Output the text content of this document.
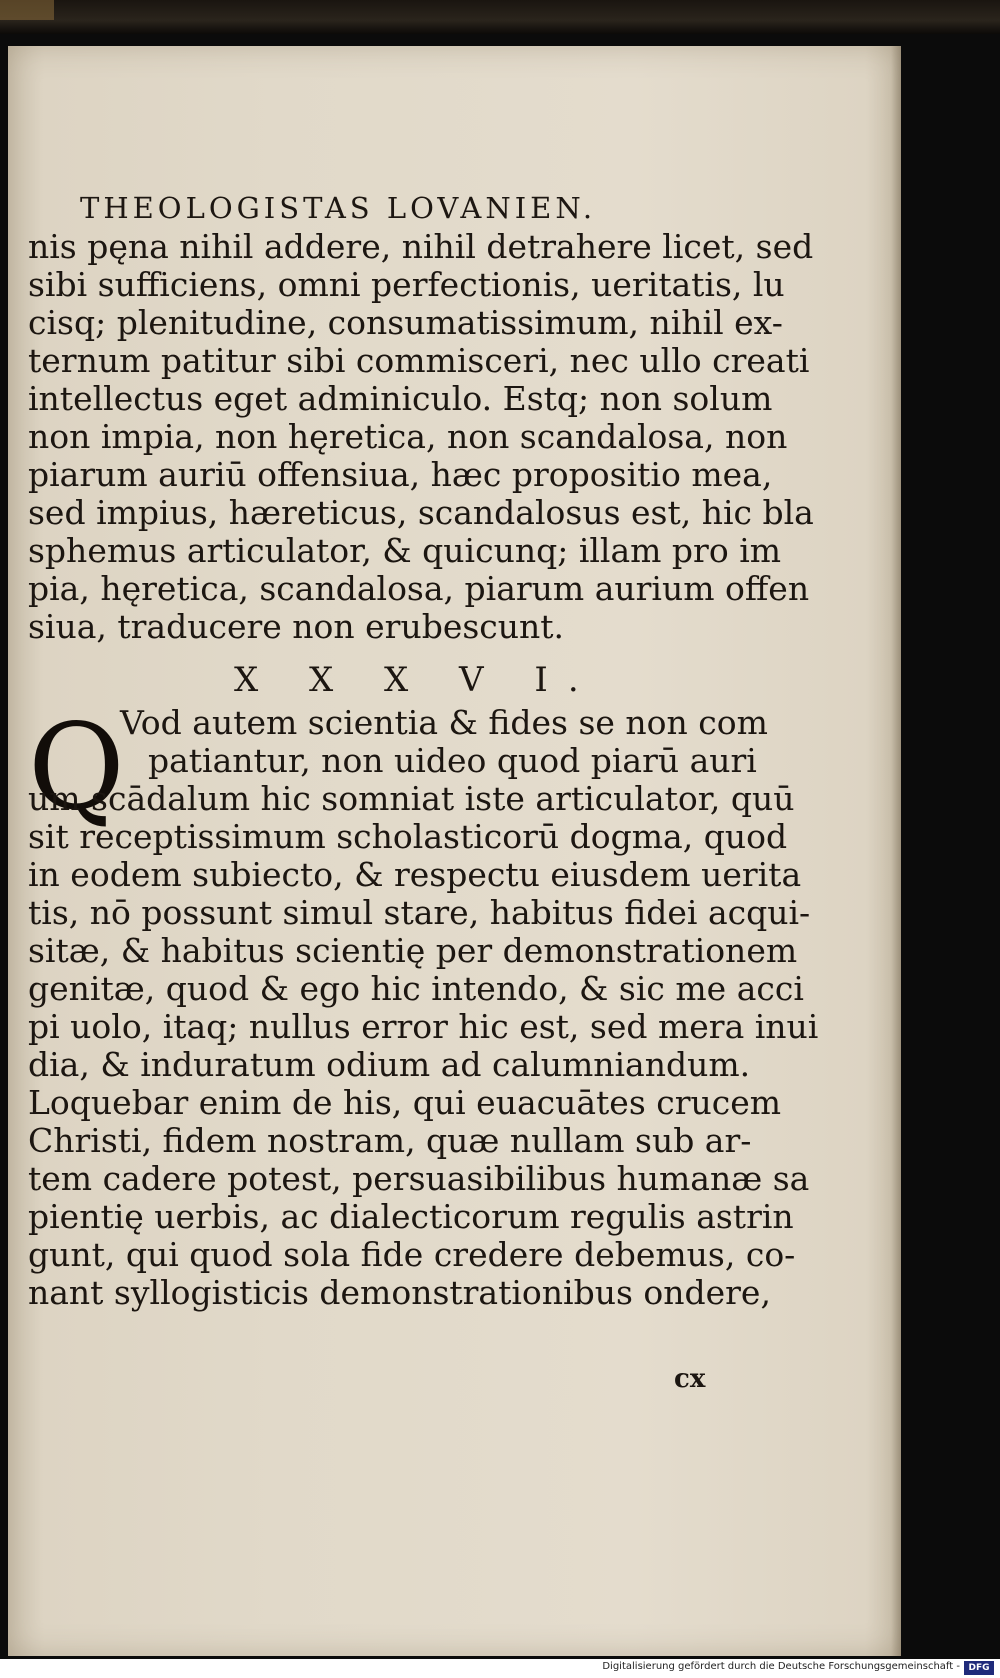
THEOLOGISTAS LOVANIEN.
nis pęna nihil addere, nihil detrahere licet, sed
sibi sufficiens, omni perfectionis, ueritatis, lu
cisq; plenitudine, consumatissimum, nihil ex-
ternum patitur sibi commisceri, nec ullo creati
intellectus eget adminiculo. Estq; non solum
non impia, non hęretica, non scandalosa, non
piarum auriū offensiua, hæc propositio mea,
sed impius, hæreticus, scandalosus est, hic bla
sphemus articulator, & quicunq; illam pro im
pia, hęretica, scandalosa, piarum aurium offen
siua, traducere non erubescunt.
X X X V I.
Q
Vod autem scientia & fides se non com
patiantur, non uideo quod piarū auri
um scādalum hic somniat iste articulator, quū
sit receptissimum scholasticorū dogma, quod
in eodem subiecto, & respectu eiusdem uerita
tis, nō possunt simul stare, habitus fidei acqui-
sitæ, & habitus scientię per demonstrationem
genitæ, quod & ego hic intendo, & sic me acci
pi uolo, itaq; nullus error hic est, sed mera inui
dia, & induratum odium ad calumniandum.
Loquebar enim de his, qui euacuātes crucem
Christi, fidem nostram, quæ nullam sub ar-
tem cadere potest, persuasibilibus humanæ sa
pientię uerbis, ac dialecticorum regulis astrin
gunt, qui quod sola fide credere debemus, co-
nant syllogisticis demonstrationibus ondere,
cx
Digitalisierung gefördert durch die Deutsche Forschungsgemeinschaft - DFG
